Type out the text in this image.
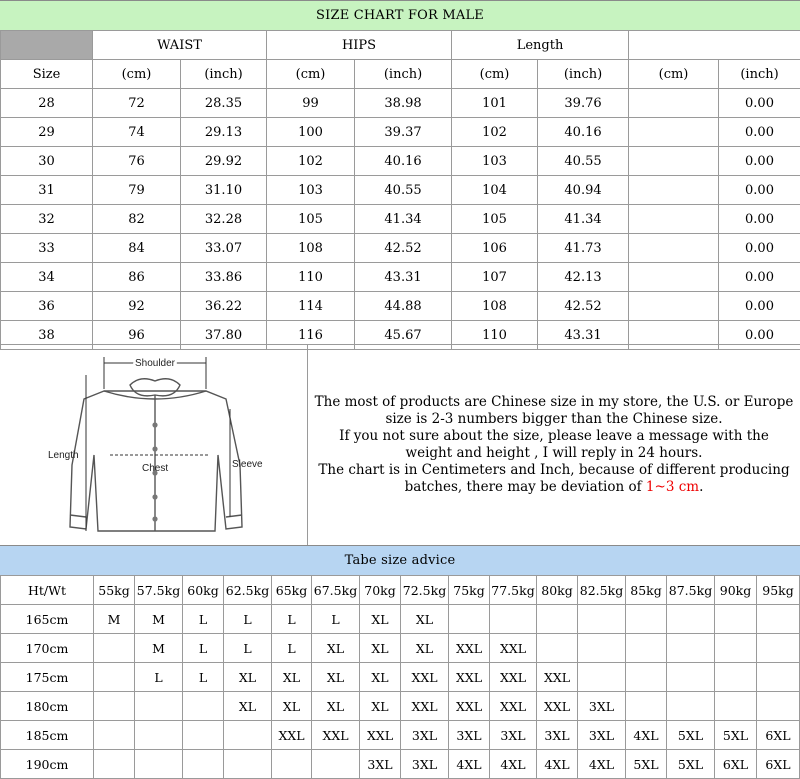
SIZE CHART FOR MALE
	WAIST		HIPS		Length			
Size	(cm)	(inch)	(cm)	(inch)	(cm)	(inch)	(cm)	(inch)
28	72	28.35	99	38.98	101	39.76		0.00
29	74	29.13	100	39.37	102	40.16		0.00
30	76	29.92	102	40.16	103	40.55		0.00
31	79	31.10	103	40.55	104	40.94		0.00
32	82	32.28	105	41.34	105	41.34		0.00
33	84	33.07	108	42.52	106	41.73		0.00
34	86	33.86	110	43.31	107	42.13		0.00
36	92	36.22	114	44.88	108	42.52		0.00
38	96	37.80	116	45.67	110	43.31		0.00
Shoulder
Length
Chest	Sleeve
The most of products are Chinese size in my store, the U.S. or Europe
size is 2-3 numbers bigger than the Chinese size.
If you not sure about the size, please leave a message with the
weight and height , I will reply in 24 hours.
The chart is in Centimeters and Inch, because of different producing
batches, there may be deviation of 1~3 cm.
Tabe size advice
Ht/Wt	55kg	57.5kg	60kg	62.5kg	65kg	67.5kg	70kg	72.5kg	75kg	77.5kg	80kg	82.5kg	85kg	87.5kg	90kg	95kg
165cm	M	M	L	L	L	L	XL	XL								
170cm		M	L	L	L	XL	XL	XL	XXL	XXL						
175cm		L	L	XL	XL	XL	XL	XXL	XXL	XXL	XXL					
180cm				XL	XL	XL	XL	XXL	XXL	XXL	XXL	3XL				
185cm					XXL	XXL	XXL	3XL	3XL	3XL	3XL	3XL	4XL	5XL	5XL	6XL
190cm							3XL	3XL	4XL	4XL	4XL	4XL	5XL	5XL	6XL	6XL
